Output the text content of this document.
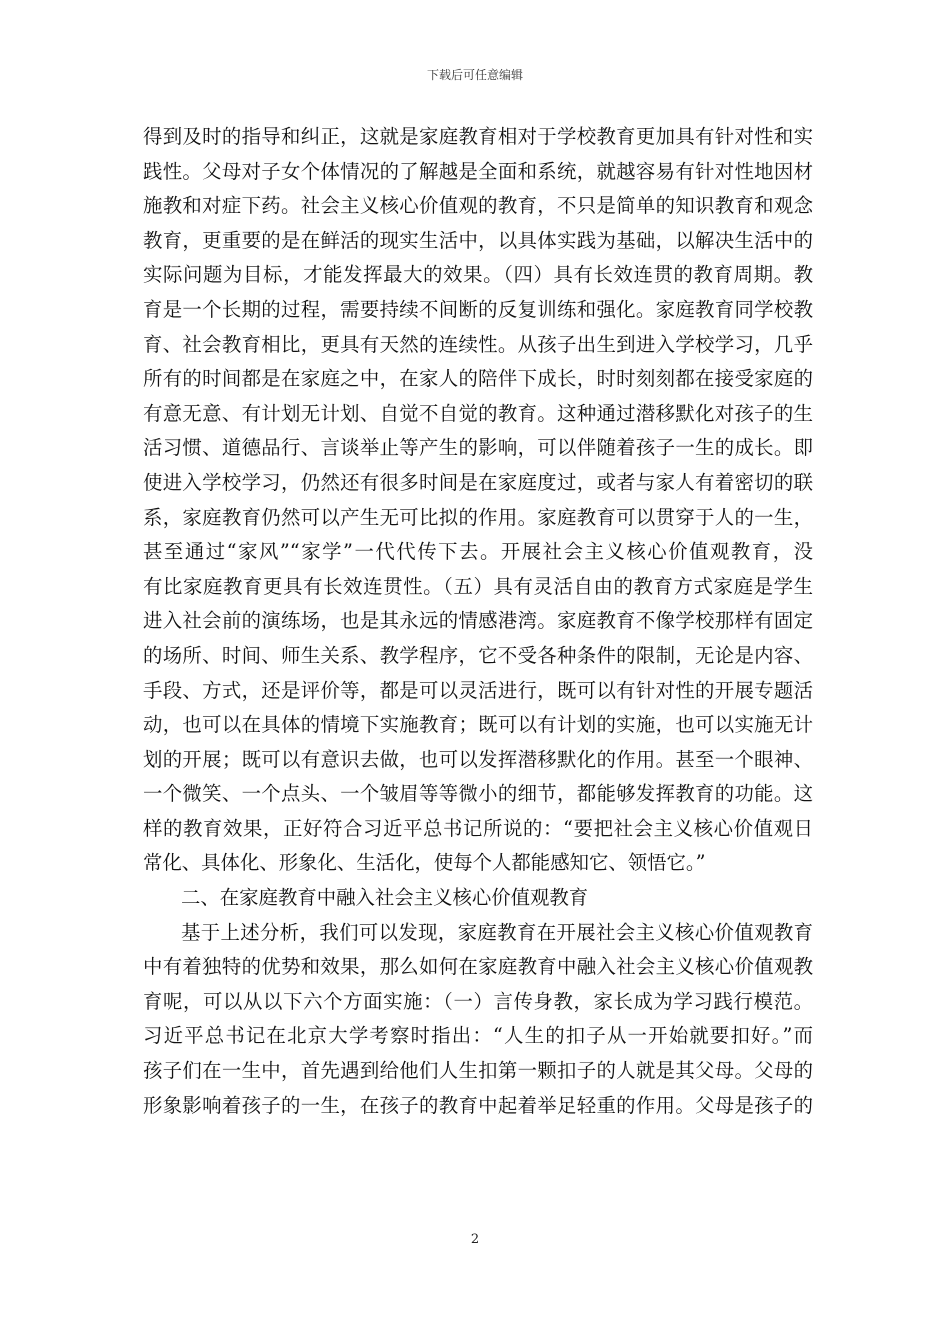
下载后可任意编辑
得到及时的指导和纠正，这就是家庭教育相对于学校教育更加具有针对性和实
践性。父母对子女个体情况的了解越是全面和系统，就越容易有针对性地因材
施教和对症下药。社会主义核心价值观的教育，不只是简单的知识教育和观念
教育，更重要的是在鲜活的现实生活中，以具体实践为基础，以解决生活中的
实际问题为目标，才能发挥最大的效果。（四）具有长效连贯的教育周期。教
育是一个长期的过程，需要持续不间断的反复训练和强化。家庭教育同学校教
育、社会教育相比，更具有天然的连续性。从孩子出生到进入学校学习，几乎
所有的时间都是在家庭之中，在家人的陪伴下成长，时时刻刻都在接受家庭的
有意无意、有计划无计划、自觉不自觉的教育。这种通过潜移默化对孩子的生
活习惯、道德品行、言谈举止等产生的影响，可以伴随着孩子一生的成长。即
使进入学校学习，仍然还有很多时间是在家庭度过，或者与家人有着密切的联
系，家庭教育仍然可以产生无可比拟的作用。家庭教育可以贯穿于人的一生，
甚至通过“家风”“家学”一代代传下去。开展社会主义核心价值观教育，没
有比家庭教育更具有长效连贯性。（五）具有灵活自由的教育方式家庭是学生
进入社会前的演练场，也是其永远的情感港湾。家庭教育不像学校那样有固定
的场所、时间、师生关系、教学程序，它不受各种条件的限制，无论是内容、
手段、方式，还是评价等，都是可以灵活进行，既可以有针对性的开展专题活
动，也可以在具体的情境下实施教育；既可以有计划的实施，也可以实施无计
划的开展；既可以有意识去做，也可以发挥潜移默化的作用。甚至一个眼神、
一个微笑、一个点头、一个皱眉等等微小的细节，都能够发挥教育的功能。这
样的教育效果，正好符合习近平总书记所说的：“要把社会主义核心价值观日
常化、具体化、形象化、生活化，使每个人都能感知它、领悟它。”
二、在家庭教育中融入社会主义核心价值观教育
基于上述分析，我们可以发现，家庭教育在开展社会主义核心价值观教育
中有着独特的优势和效果，那么如何在家庭教育中融入社会主义核心价值观教
育呢，可以从以下六个方面实施：（一）言传身教，家长成为学习践行模范。
习近平总书记在北京大学考察时指出：“人生的扣子从一开始就要扣好。”而
孩子们在一生中，首先遇到给他们人生扣第一颗扣子的人就是其父母。父母的
形象影响着孩子的一生，在孩子的教育中起着举足轻重的作用。父母是孩子的
2
